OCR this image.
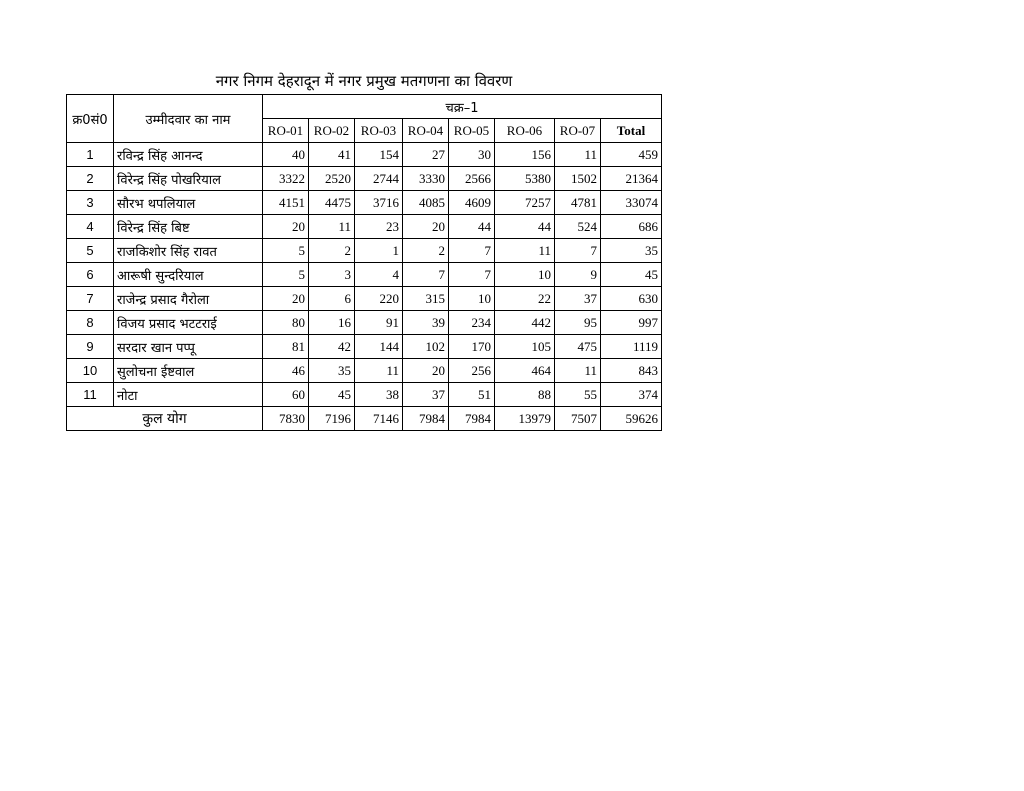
नगर निगम देहरादून में नगर प्रमुख मतगणना का विवरण
क्र0सं0	उम्मीदवार का नाम	चक्र–1							
		RO-01	RO-02	RO-03	RO-04	RO-05	RO-06	RO-07	Total
1	रविन्द्र सिंह आनन्द	40	41	154	27	30	156	11	459
2	विरेन्द्र सिंह पोखरियाल	3322	2520	2744	3330	2566	5380	1502	21364
3	सौरभ थपलियाल	4151	4475	3716	4085	4609	7257	4781	33074
4	विरेन्द्र सिंह बिष्ट	20	11	23	20	44	44	524	686
5	राजकिशोर सिंह रावत	5	2	1	2	7	11	7	35
6	आरूषी सुन्दरियाल	5	3	4	7	7	10	9	45
7	राजेन्द्र प्रसाद गैरोला	20	6	220	315	10	22	37	630
8	विजय प्रसाद भटटराई	80	16	91	39	234	442	95	997
9	सरदार खान पप्पू	81	42	144	102	170	105	475	1119
10	सुलोचना ईष्टवाल	46	35	11	20	256	464	11	843
11	नोटा	60	45	38	37	51	88	55	374
कुल योग		7830	7196	7146	7984	7984	13979	7507	59626
